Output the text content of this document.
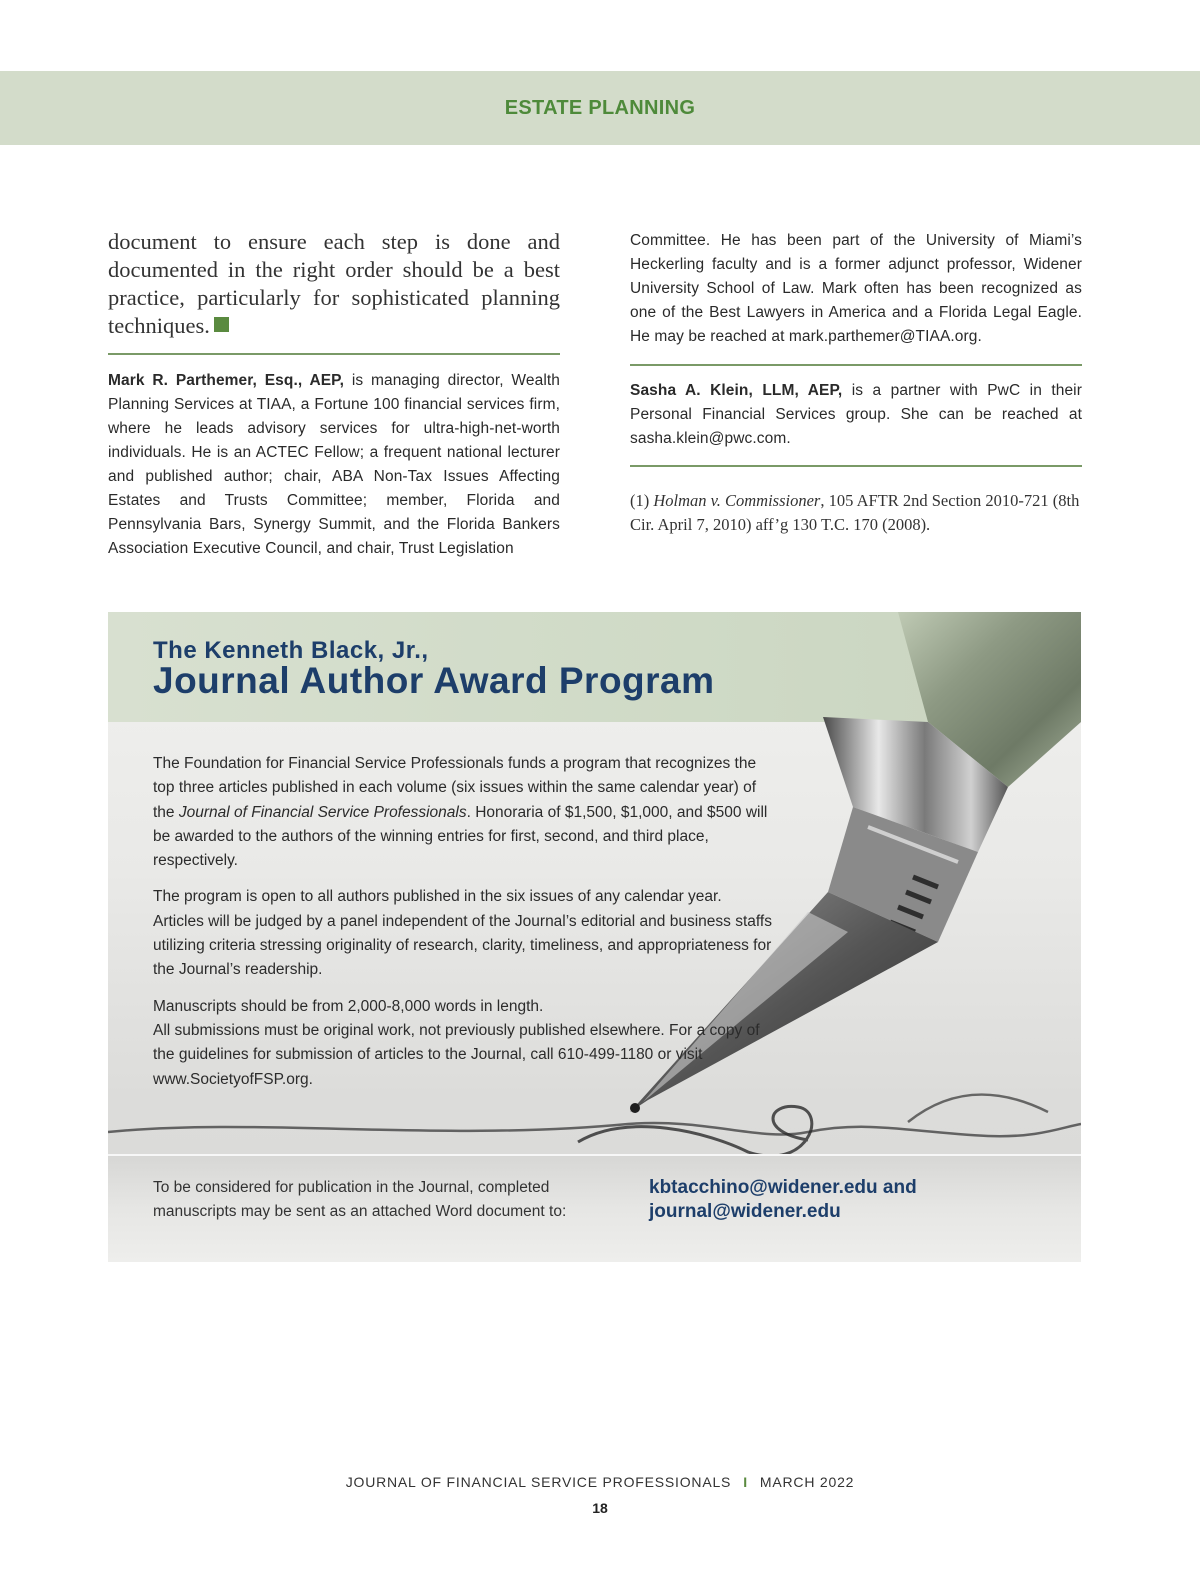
ESTATE PLANNING

document to ensure each step is done and documented in the right order should be a best practice, particularly for sophisticated planning techniques.

Mark R. Parthemer, Esq., AEP, is managing director, Wealth Planning Services at TIAA, a Fortune 100 financial services firm, where he leads advisory services for ultra-high-net-worth individuals. He is an ACTEC Fellow; a frequent national lecturer and published author; chair, ABA Non-Tax Issues Affecting Estates and Trusts Committee; member, Florida and Pennsylvania Bars, Synergy Summit, and the Florida Bankers Association Executive Council, and chair, Trust Legislation

Committee. He has been part of the University of Miami’s Heckerling faculty and is a former adjunct professor, Widener University School of Law. Mark often has been recognized as one of the Best Lawyers in America and a Florida Legal Eagle. He may be reached at mark.parthemer@TIAA.org.

Sasha A. Klein, LLM, AEP, is a partner with PwC in their Personal Financial Services group. She can be reached at sasha.klein@pwc.com.

(1) Holman v. Commissioner, 105 AFTR 2nd Section 2010-721 (8th Cir. April 7, 2010) aff’g 130 T.C. 170 (2008).

The Kenneth Black, Jr.,
Journal Author Award Program

The Foundation for Financial Service Professionals funds a program that recognizes the top three articles published in each volume (six issues within the same calendar year) of the Journal of Financial Service Professionals. Honoraria of $1,500, $1,000, and $500 will be awarded to the authors of the winning entries for first, second, and third place, respectively.

The program is open to all authors published in the six issues of any calendar year. Articles will be judged by a panel independent of the Journal’s editorial and business staffs utilizing criteria stressing originality of research, clarity, timeliness, and appropriateness for the Journal’s readership.

Manuscripts should be from 2,000-8,000 words in length.
All submissions must be original work, not previously published elsewhere. For a copy of the guidelines for submission of articles to the Journal, call 610-499-1180 or visit www.SocietyofFSP.org.

To be considered for publication in the Journal, completed manuscripts may be sent as an attached Word document to:
kbtacchino@widener.edu and journal@widener.edu
JOURNAL OF FINANCIAL SERVICE PROFESSIONALS I MARCH 2022
18
